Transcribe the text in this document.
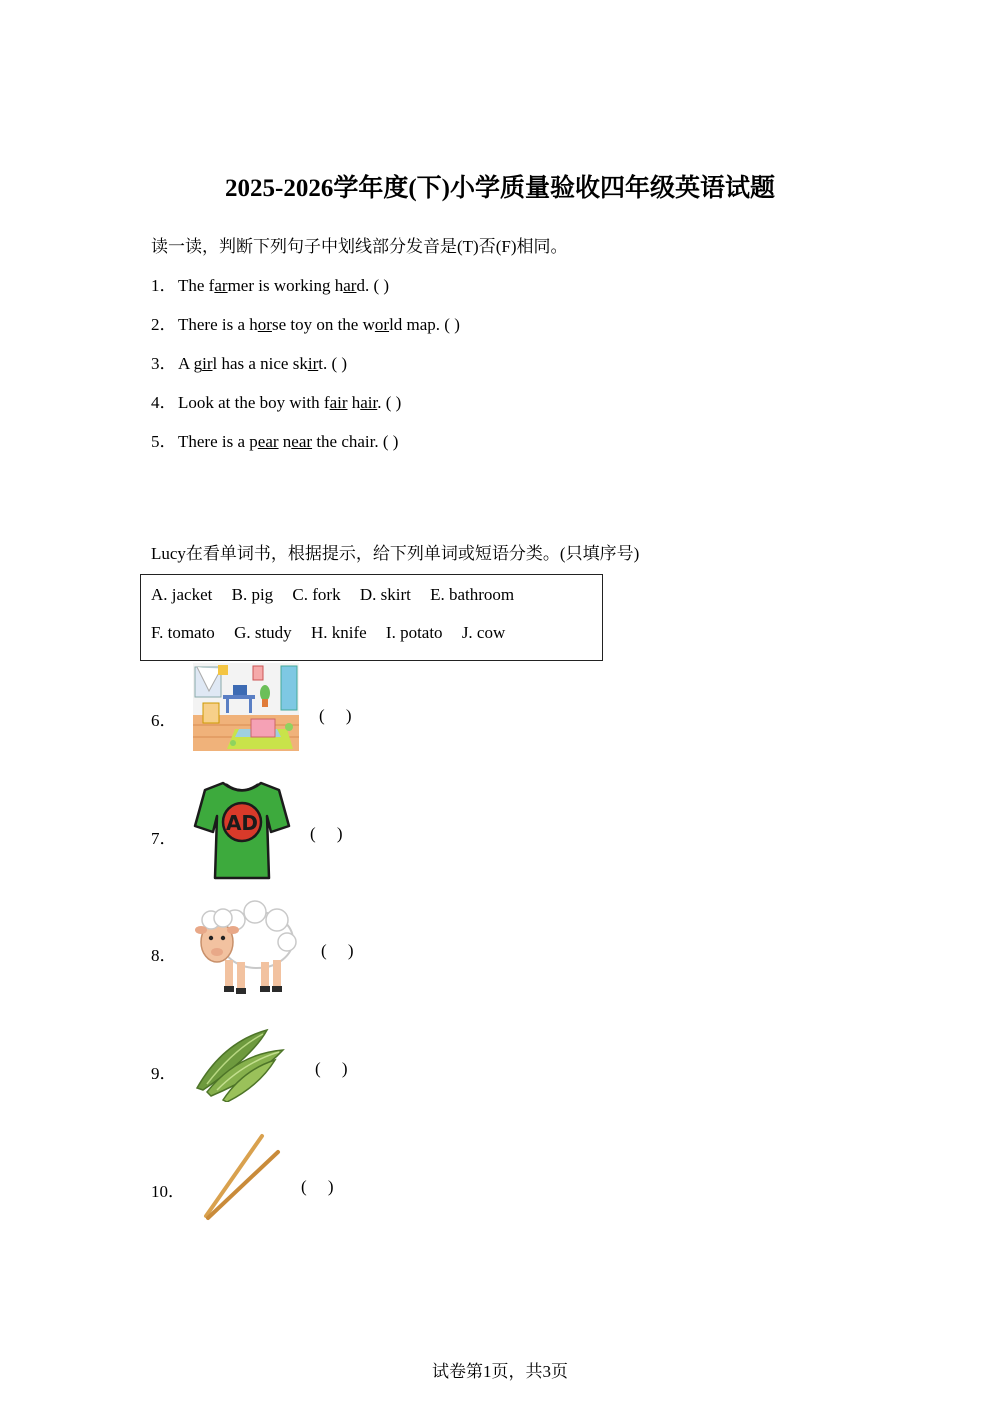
2025-2026学年度(下)小学质量验收四年级英语试题
读一读，判断下列句子中划线部分发音是(T)否(F)相同。
1．The farmer is working hard. ( )
2．There is a horse toy on the world map. ( )
3．A girl has a nice skirt. ( )
4．Look at the boy with fair hair. ( )
5．There is a pear near the chair. ( )
Lucy在看单词书，根据提示，给下列单词或短语分类。(只填序号)
A. jacket B. pig C. fork D. skirt E. bathroom
F. tomato G. study H. knife I. potato J. cow
6．	(     )
7．
AD	(     )
8．	(     )
9．	(     )
10．	(     )
试卷第1页，共3页
